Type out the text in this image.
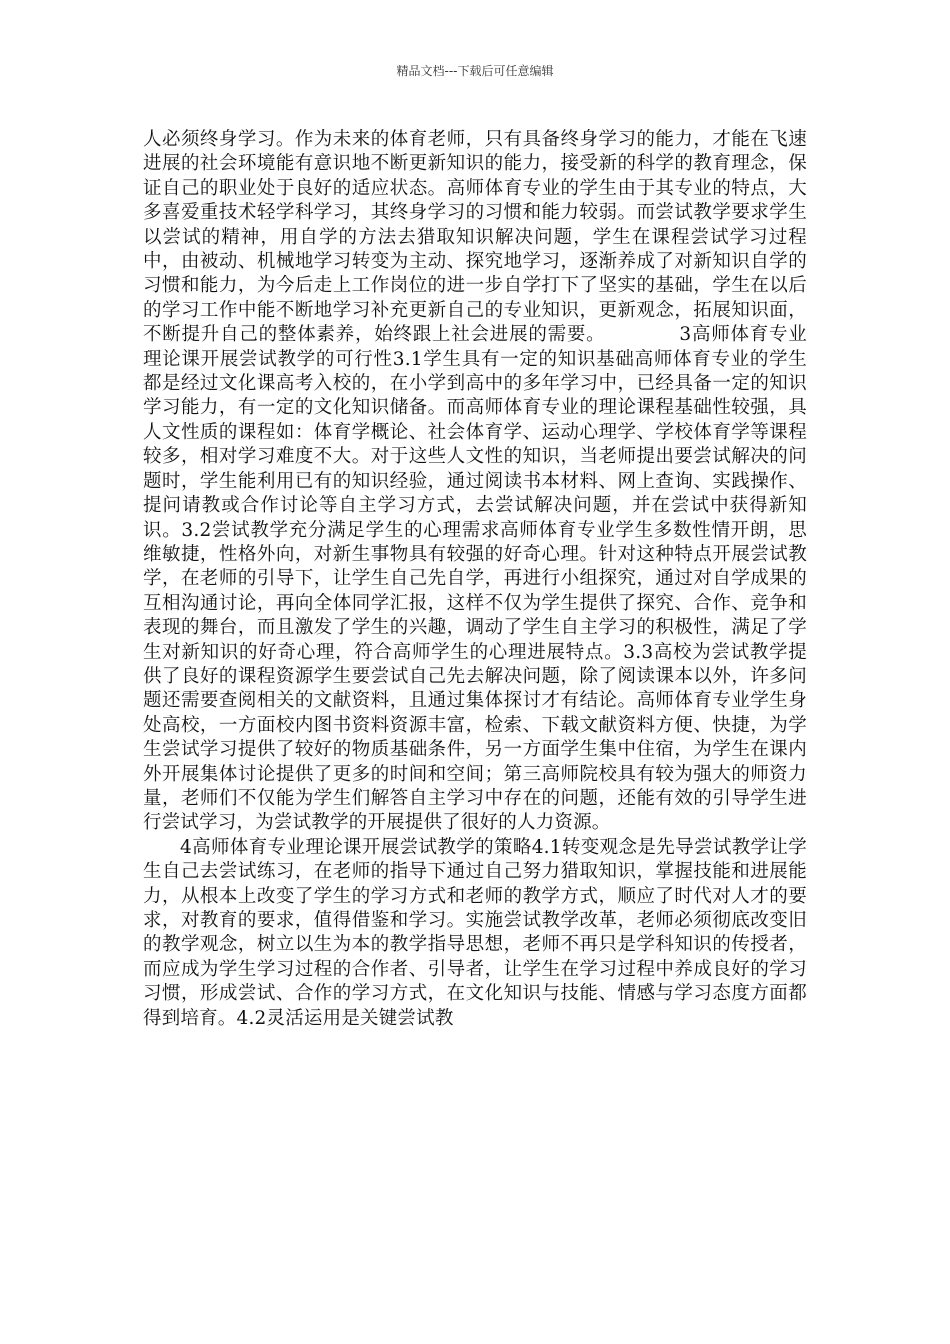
精品文档---下载后可任意编辑

人必须终身学习。作为未来的体育老师，只有具备终身学习的能力，才能在飞速进展的社会环境能有意识地不断更新知识的能力，接受新的科学的教育理念，保证自己的职业处于良好的适应状态。高师体育专业的学生由于其专业的特点，大多喜爱重技术轻学科学习，其终身学习的习惯和能力较弱。而尝试教学要求学生以尝试的精神，用自学的方法去猎取知识解决问题，学生在课程尝试学习过程中，由被动、机械地学习转变为主动、探究地学习，逐渐养成了对新知识自学的习惯和能力，为今后走上工作岗位的进一步自学打下了坚实的基础，学生在以后的学习工作中能不断地学习补充更新自己的专业知识，更新观念，拓展知识面，不断提升自己的整体素养，始终跟上社会进展的需要。	3高师体育专业理论课开展尝试教学的可行性3.1学生具有一定的知识基础高师体育专业的学生都是经过文化课高考入校的，在小学到高中的多年学习中，已经具备一定的知识学习能力，有一定的文化知识储备。而高师体育专业的理论课程基础性较强，具人文性质的课程如：体育学概论、社会体育学、运动心理学、学校体育学等课程较多，相对学习难度不大。对于这些人文性的知识，当老师提出要尝试解决的问题时，学生能利用已有的知识经验，通过阅读书本材料、网上查询、实践操作、提问请教或合作讨论等自主学习方式，去尝试解决问题，并在尝试中获得新知识。3.2尝试教学充分满足学生的心理需求高师体育专业学生多数性情开朗，思维敏捷，性格外向，对新生事物具有较强的好奇心理。针对这种特点开展尝试教学，在老师的引导下，让学生自己先自学，再进行小组探究，通过对自学成果的互相沟通讨论，再向全体同学汇报，这样不仅为学生提供了探究、合作、竞争和表现的舞台，而且激发了学生的兴趣，调动了学生自主学习的积极性，满足了学生对新知识的好奇心理，符合高师学生的心理进展特点。3.3高校为尝试教学提供了良好的课程资源学生要尝试自己先去解决问题，除了阅读课本以外，许多问题还需要查阅相关的文献资料，且通过集体探讨才有结论。高师体育专业学生身处高校，一方面校内图书资料资源丰富，检索、下载文献资料方便、快捷，为学生尝试学习提供了较好的物质基础条件，另一方面学生集中住宿，为学生在课内外开展集体讨论提供了更多的时间和空间；第三高师院校具有较为强大的师资力量，老师们不仅能为学生们解答自主学习中存在的问题，还能有效的引导学生进行尝试学习，为尝试教学的开展提供了很好的人力资源。

4高师体育专业理论课开展尝试教学的策略4.1转变观念是先导尝试教学让学生自己去尝试练习，在老师的指导下通过自己努力猎取知识，掌握技能和进展能力，从根本上改变了学生的学习方式和老师的教学方式，顺应了时代对人才的要求，对教育的要求，值得借鉴和学习。实施尝试教学改革，老师必须彻底改变旧的教学观念，树立以生为本的教学指导思想，老师不再只是学科知识的传授者，而应成为学生学习过程的合作者、引导者，让学生在学习过程中养成良好的学习习惯，形成尝试、合作的学习方式，在文化知识与技能、情感与学习态度方面都得到培育。4.2灵活运用是关键尝试教
